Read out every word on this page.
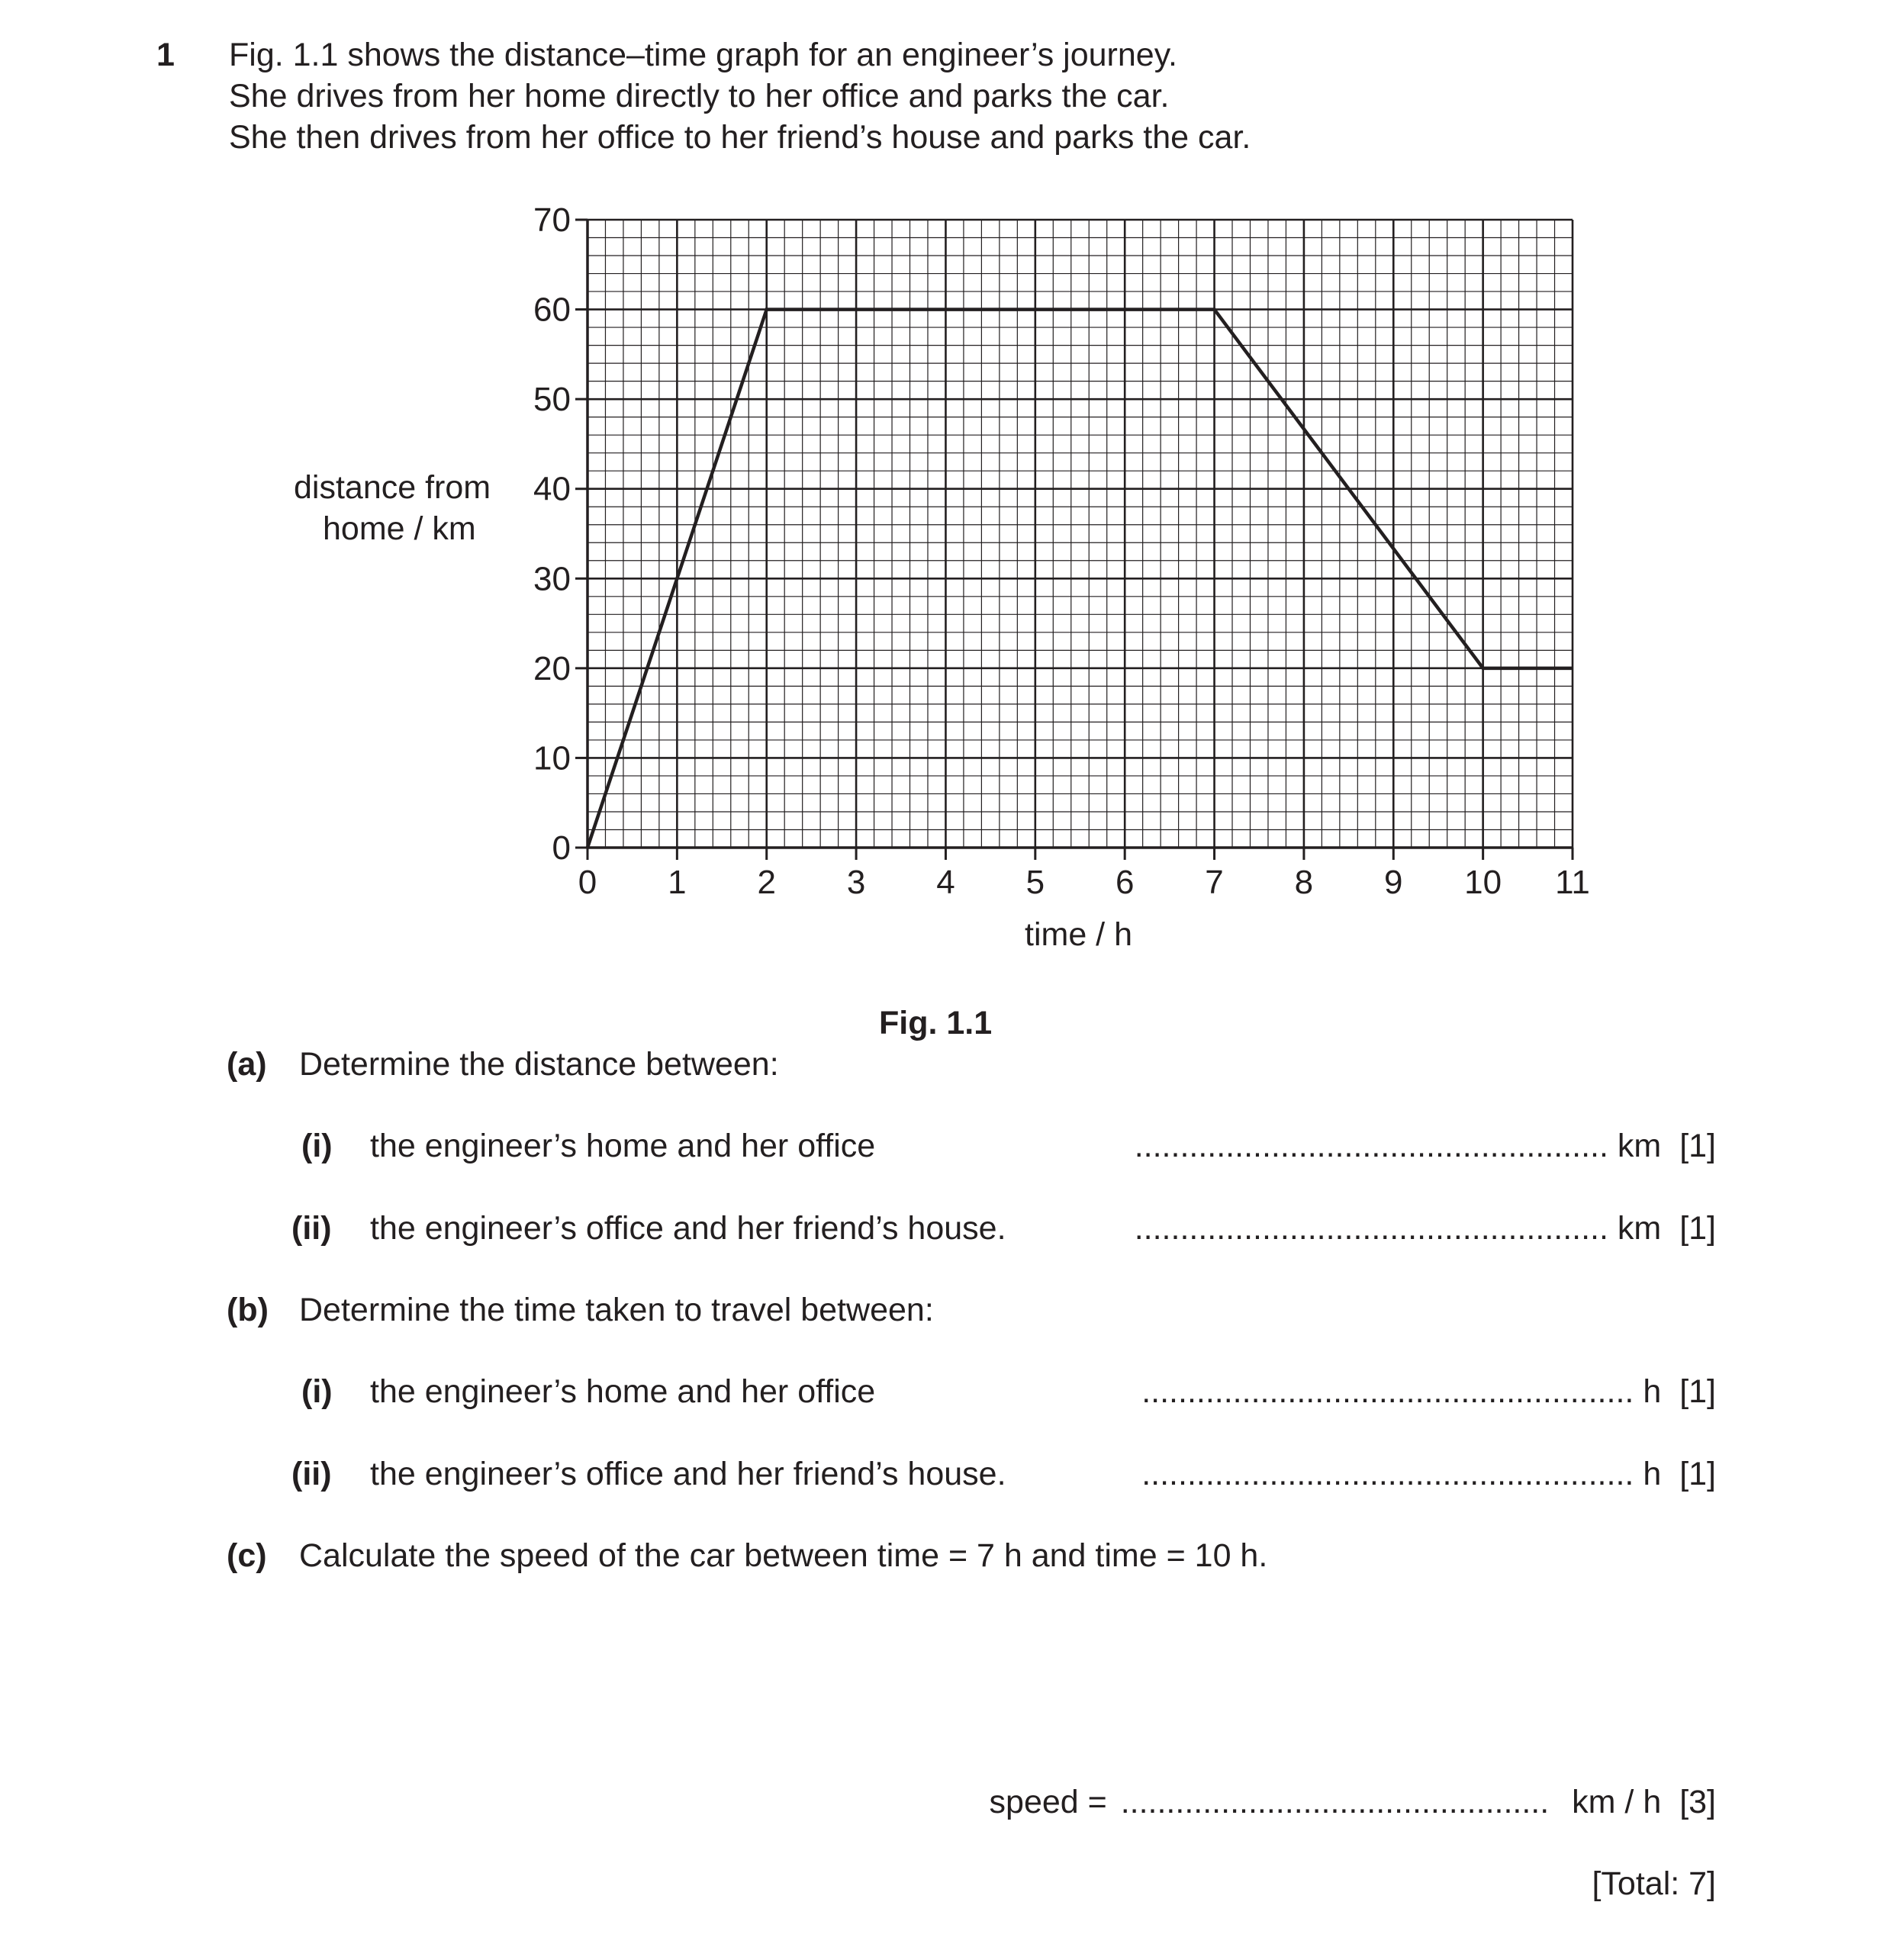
1 Fig. 1.1 shows the distance–time graph for an engineer’s journey.
She drives from her home directly to her office and parks the car.
She then drives from her office to her friend’s house and parks the car.
0 1 2 3 4 5 6 7 8 9 10 11
0
10
20
30
40
50
60
70
distance from
home / km
time / h
Fig. 1.1
(a) Determine the distance between:
(i) the engineer’s home and her office	.................................................... km [1]
(ii) the engineer’s office and her friend’s house.	.................................................... km [1]
(b) Determine the time taken to travel between:
(i) the engineer’s home and her office	...................................................... h [1]
(ii) the engineer’s office and her friend’s house.	...................................................... h [1]
(c) Calculate the speed of the car between time = 7 h and time = 10 h.
speed = ............................................... km / h [3]
[Total: 7]
